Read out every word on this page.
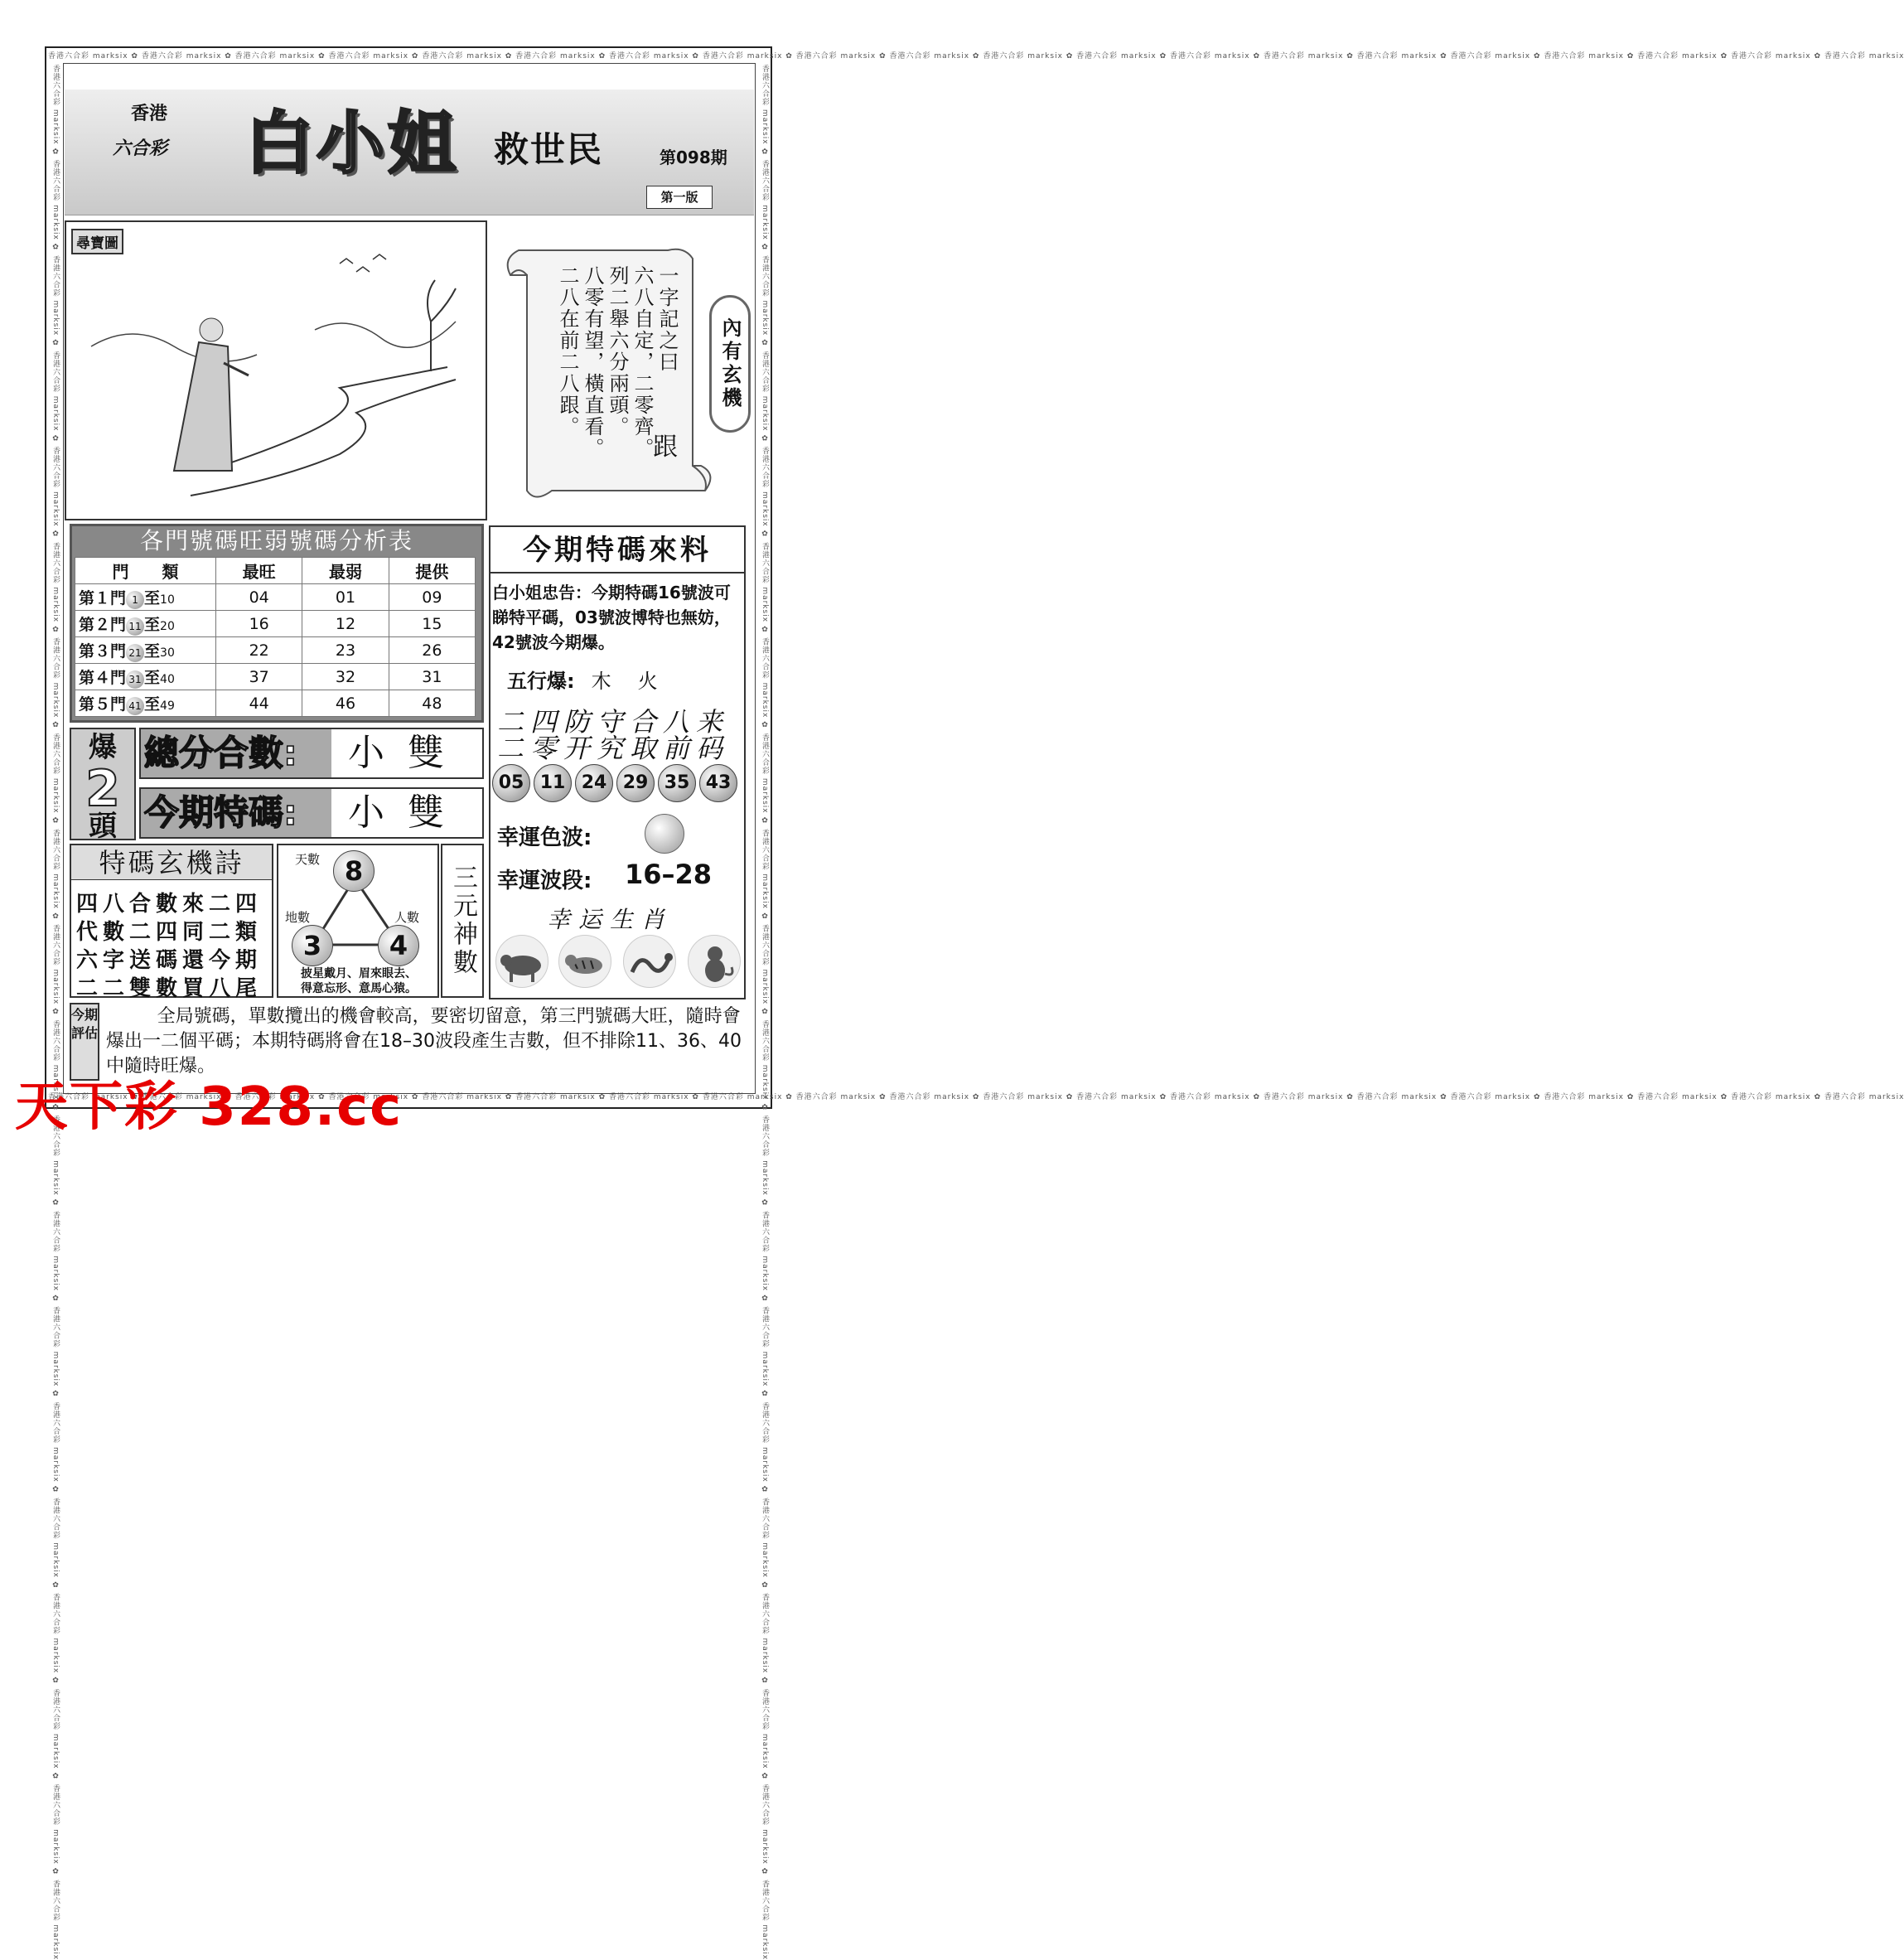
香港六合彩 marksix ✿ 香港六合彩 marksix ✿ 香港六合彩 marksix ✿ 香港六合彩 marksix ✿ 香港六合彩 marksix ✿ 香港六合彩 marksix ✿ 香港六合彩 marksix ✿ 香港六合彩 marksix ✿ 香港六合彩 marksix ✿ 香港六合彩 marksix ✿ 香港六合彩 marksix ✿ 香港六合彩 marksix ✿ 香港六合彩 marksix ✿ 香港六合彩 marksix ✿ 香港六合彩 marksix ✿ 香港六合彩 marksix ✿ 香港六合彩 marksix ✿ 香港六合彩 marksix ✿ 香港六合彩 marksix ✿ 香港六合彩 marksix
香港六合彩 marksix ✿ 香港六合彩 marksix ✿ 香港六合彩 marksix ✿ 香港六合彩 marksix ✿ 香港六合彩 marksix ✿ 香港六合彩 marksix ✿ 香港六合彩 marksix ✿ 香港六合彩 marksix ✿ 香港六合彩 marksix ✿ 香港六合彩 marksix ✿ 香港六合彩 marksix ✿ 香港六合彩 marksix ✿ 香港六合彩 marksix ✿ 香港六合彩 marksix ✿ 香港六合彩 marksix ✿ 香港六合彩 marksix ✿ 香港六合彩 marksix ✿ 香港六合彩 marksix ✿ 香港六合彩 marksix ✿ 香港六合彩 marksix
香港六合彩 marksix ✿ 香港六合彩 marksix ✿ 香港六合彩 marksix ✿ 香港六合彩 marksix ✿ 香港六合彩 marksix ✿ 香港六合彩 marksix ✿ 香港六合彩 marksix ✿ 香港六合彩 marksix ✿ 香港六合彩 marksix ✿ 香港六合彩 marksix ✿ 香港六合彩 marksix ✿ 香港六合彩 marksix ✿ 香港六合彩 marksix ✿ 香港六合彩 marksix ✿ 香港六合彩 marksix ✿ 香港六合彩 marksix ✿ 香港六合彩 marksix ✿ 香港六合彩 marksix ✿ 香港六合彩 marksix ✿ 香港六合彩 marksix	香港六合彩 marksix ✿ 香港六合彩 marksix ✿ 香港六合彩 marksix ✿ 香港六合彩 marksix ✿ 香港六合彩 marksix ✿ 香港六合彩 marksix ✿ 香港六合彩 marksix ✿ 香港六合彩 marksix ✿ 香港六合彩 marksix ✿ 香港六合彩 marksix ✿ 香港六合彩 marksix ✿ 香港六合彩 marksix ✿ 香港六合彩 marksix ✿ 香港六合彩 marksix ✿ 香港六合彩 marksix ✿ 香港六合彩 marksix ✿ 香港六合彩 marksix ✿ 香港六合彩 marksix ✿ 香港六合彩 marksix ✿ 香港六合彩 marksix
香港
六合彩 白小姐 救世民	第098期
第一版
尋寶圖
一字記之曰
六八自定，二零齊。
列二舉六分兩頭。
八零有望，橫直看。
二八在前二八跟。
跟
內有玄機
各門號碼旺弱號碼分析表
門　　類	最旺	最弱	提供
第１門 1 至10	04	01	09
第２門 11 至20	16	12	15
第３門 21 至30	22	23	26
第４門 31 至40	37	32	31
第５門 41 至49	44	46	48
爆
2
頭
總分合數:	小雙
今期特碼:	小雙
特碼玄機詩
四八合數來二四
代數二四同二類
六字送碼還今期
二二雙數買八尾
天數 8
地數
3
人數
4
披星戴月、眉來眼去、
得意忘形、意馬心猿。
三元神數
今期特碼來料
白小姐忠告：今期特碼16號波可睇特平碼，03號波博特也無妨，42號波今期爆。
五行爆: 木火
二四防守合八来
二零开究取前码
05 11 24 29 35 43
幸運色波:
幸運波段: 16–28
幸运生肖
今期評估
全局號碼，單數攬出的機會較高，要密切留意，第三門號碼大旺，隨時會爆出一二個平碼；本期特碼將會在18–30波段產生吉數，但不排除11、36、40中隨時旺爆。
天下彩 328.cc
